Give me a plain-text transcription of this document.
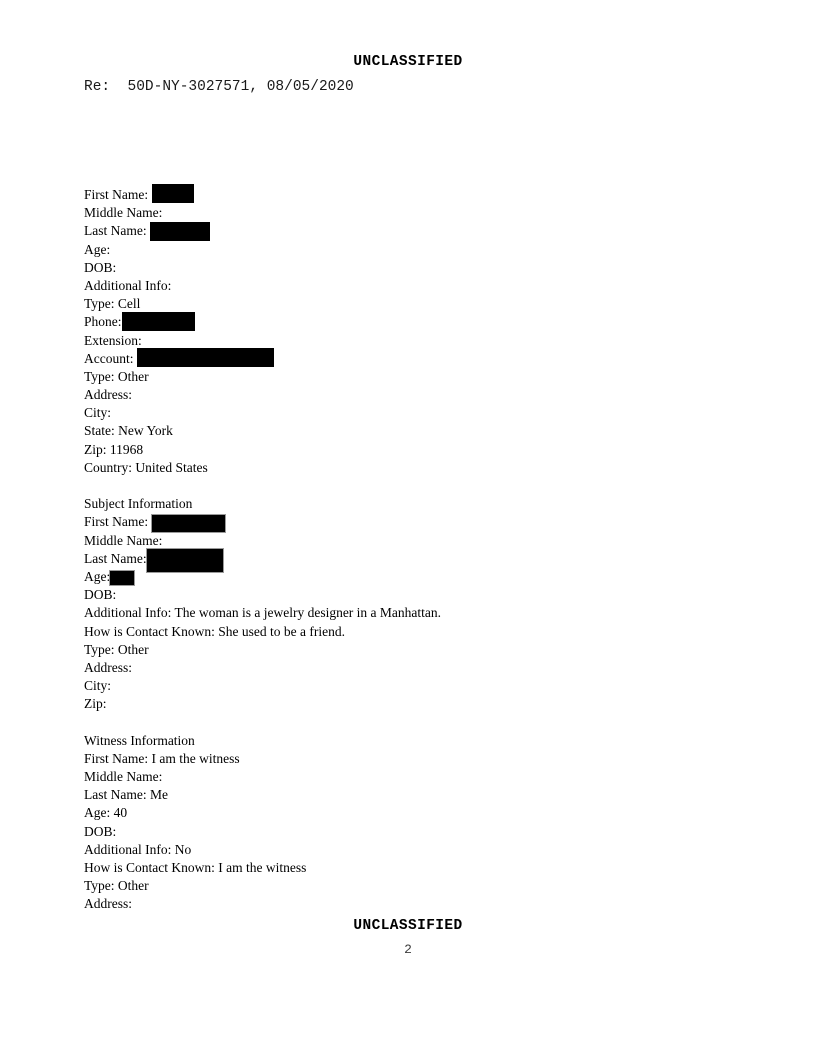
UNCLASSIFIED
Re:  50D-NY-3027571, 08/05/2020
First Name:
Middle Name:
Last Name:
Age:
DOB:
Additional Info:
Type: Cell
Phone:
Extension:
Account:
Type: Other
Address:
City:
State: New York
Zip: 11968
Country: United States
Subject Information
First Name:
Middle Name:
Last Name:
Age:
DOB:
Additional Info: The woman is a jewelry designer in a Manhattan.
How is Contact Known: She used to be a friend.
Type: Other
Address:
City:
Zip:
Witness Information
First Name: I am the witness
Middle Name:
Last Name: Me
Age: 40
DOB:
Additional Info: No
How is Contact Known: I am the witness
Type: Other
Address:
UNCLASSIFIED
2
